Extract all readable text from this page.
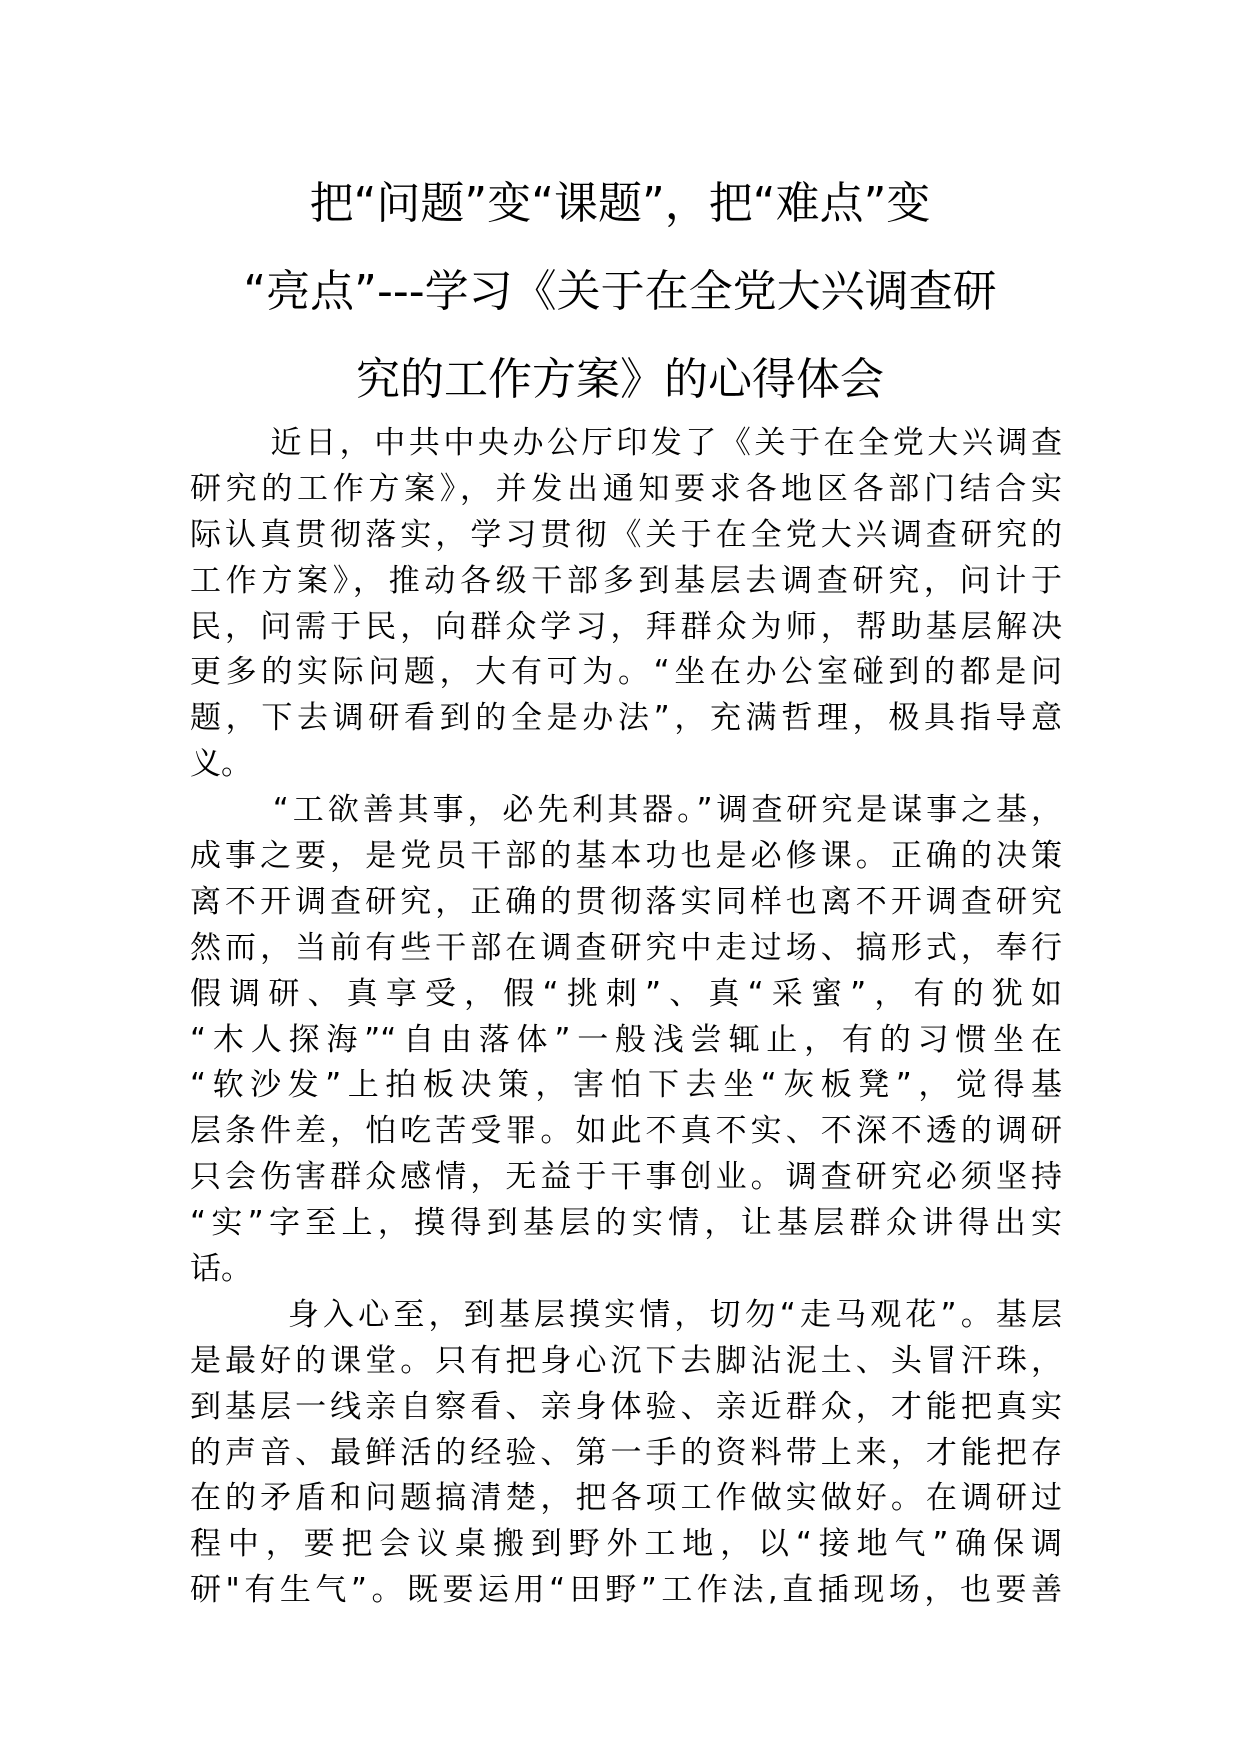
把“问题”变“课题”，把“难点”变
“亮点”---学习《关于在全党大兴调查研
究的工作方案》的心得体会

近日，中共中央办公厅印发了《关于在全党大兴调查
研究的工作方案》，并发出通知要求各地区各部门结合实
际认真贯彻落实，学习贯彻《关于在全党大兴调查研究的
工作方案》，推动各级干部多到基层去调查研究，问计于
民，问需于民，向群众学习，拜群众为师，帮助基层解决
更多的实际问题，大有可为。“坐在办公室碰到的都是问
题，下去调研看到的全是办法”，充满哲理，极具指导意
义。

“工欲善其事，必先利其器。”调查研究是谋事之基，
成事之要，是党员干部的基本功也是必修课。正确的决策
离不开调查研究，正确的贯彻落实同样也离不开调查研究
然而，当前有些干部在调查研究中走过场、搞形式，奉行
假调研、真享受，假“挑刺”、真“采蜜”，有的犹如
“木人探海”“自由落体”一般浅尝辄止，有的习惯坐在
“软沙发”上拍板决策，害怕下去坐“灰板凳”，觉得基
层条件差，怕吃苦受罪。如此不真不实、不深不透的调研
只会伤害群众感情，无益于干事创业。调查研究必须坚持
“实”字至上，摸得到基层的实情，让基层群众讲得出实
话。

身入心至，到基层摸实情，切勿“走马观花”。基层
是最好的课堂。只有把身心沉下去脚沾泥土、头冒汗珠，
到基层一线亲自察看、亲身体验、亲近群众，才能把真实
的声音、最鲜活的经验、第一手的资料带上来，才能把存
在的矛盾和问题搞清楚，把各项工作做实做好。在调研过
程中，要把会议桌搬到野外工地，以“接地气”确保调
研"有生气”。既要运用“田野”工作法,直插现场，也要善
